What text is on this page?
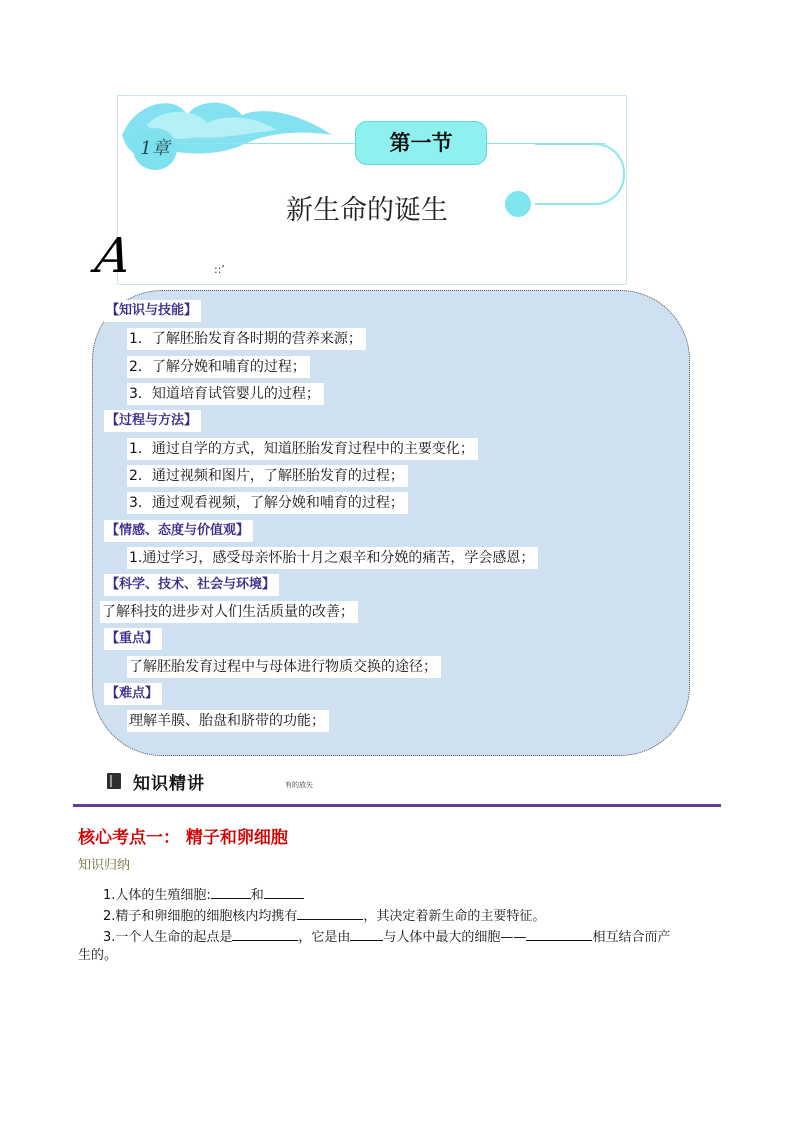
1章	第一节
新生命的诞生
A	::’
【知识与技能】
1．了解胚胎发育各时期的营养来源；
2．了解分娩和哺育的过程；
3．知道培育试管婴儿的过程；
【过程与方法】
1．通过自学的方式，知道胚胎发育过程中的主要变化；
2．通过视频和图片，了解胚胎发育的过程；
3．通过观看视频，了解分娩和哺育的过程；
【情感、态度与价值观】
1.通过学习，感受母亲怀胎十月之艰辛和分娩的痛苦，学会感恩；
【科学、技术、社会与环境】
了解科技的进步对人们生活质量的改善；
【重点】
了解胚胎发育过程中与母体进行物质交换的途径；
【难点】
理解羊膜、胎盘和脐带的功能；
知识精讲	有的放矢
核心考点一： 精子和卵细胞
知识归纳
1.人体的生殖细胞:	和
2.精子和卵细胞的细胞核内均携有	，其决定着新生命的主要特征。
3.一个人生命的起点是	，它是由	与人体中最大的细胞——	相互结合而产
生的。
